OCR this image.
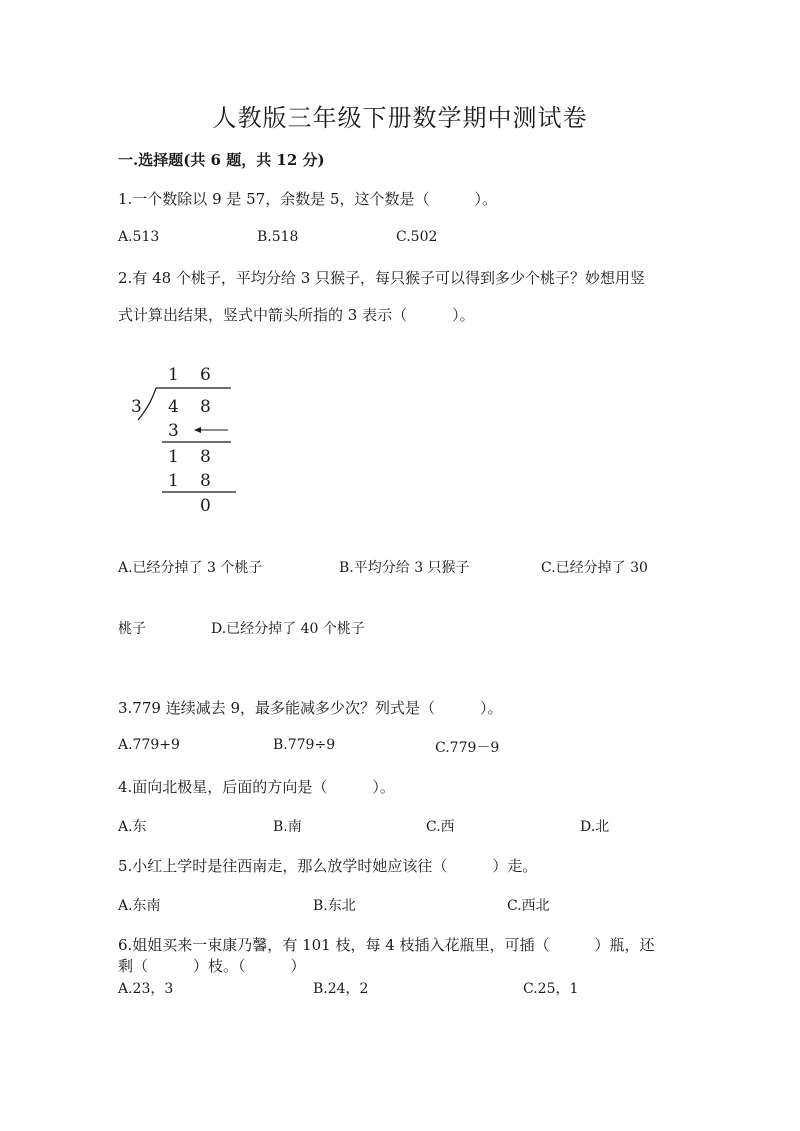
人教版三年级下册数学期中测试卷
一.选择题(共 6 题，共 12 分)
1.一个数除以 9 是 57，余数是 5，这个数是（　　　）。
A.513	B.518	C.502
2.有 48 个桃子，平均分给 3 只猴子，每只猴子可以得到多少个桃子？妙想用竖
式计算出结果，竖式中箭头所指的 3 表示（　　　）。
1 6
3 4 8
3
1 8
1 8
0
A.已经分掉了 3 个桃子	B.平均分给 3 只猴子	C.已经分掉了 30
桃子	D.已经分掉了 40 个桃子
3.779 连续减去 9，最多能减多少次？列式是（　　　）。
A.779+9	B.779÷9	C.779－9
4.面向北极星，后面的方向是（　　　）。
A.东	B.南	C.西	D.北
5.小红上学时是往西南走，那么放学时她应该往（　　　）走。
A.东南	B.东北	C.西北
6.姐姐买来一束康乃馨，有 101 枝，每 4 枝插入花瓶里，可插（　　　）瓶，还
剩（　　　）枝。（　　　）
A.23，3	B.24，2	C.25，1
